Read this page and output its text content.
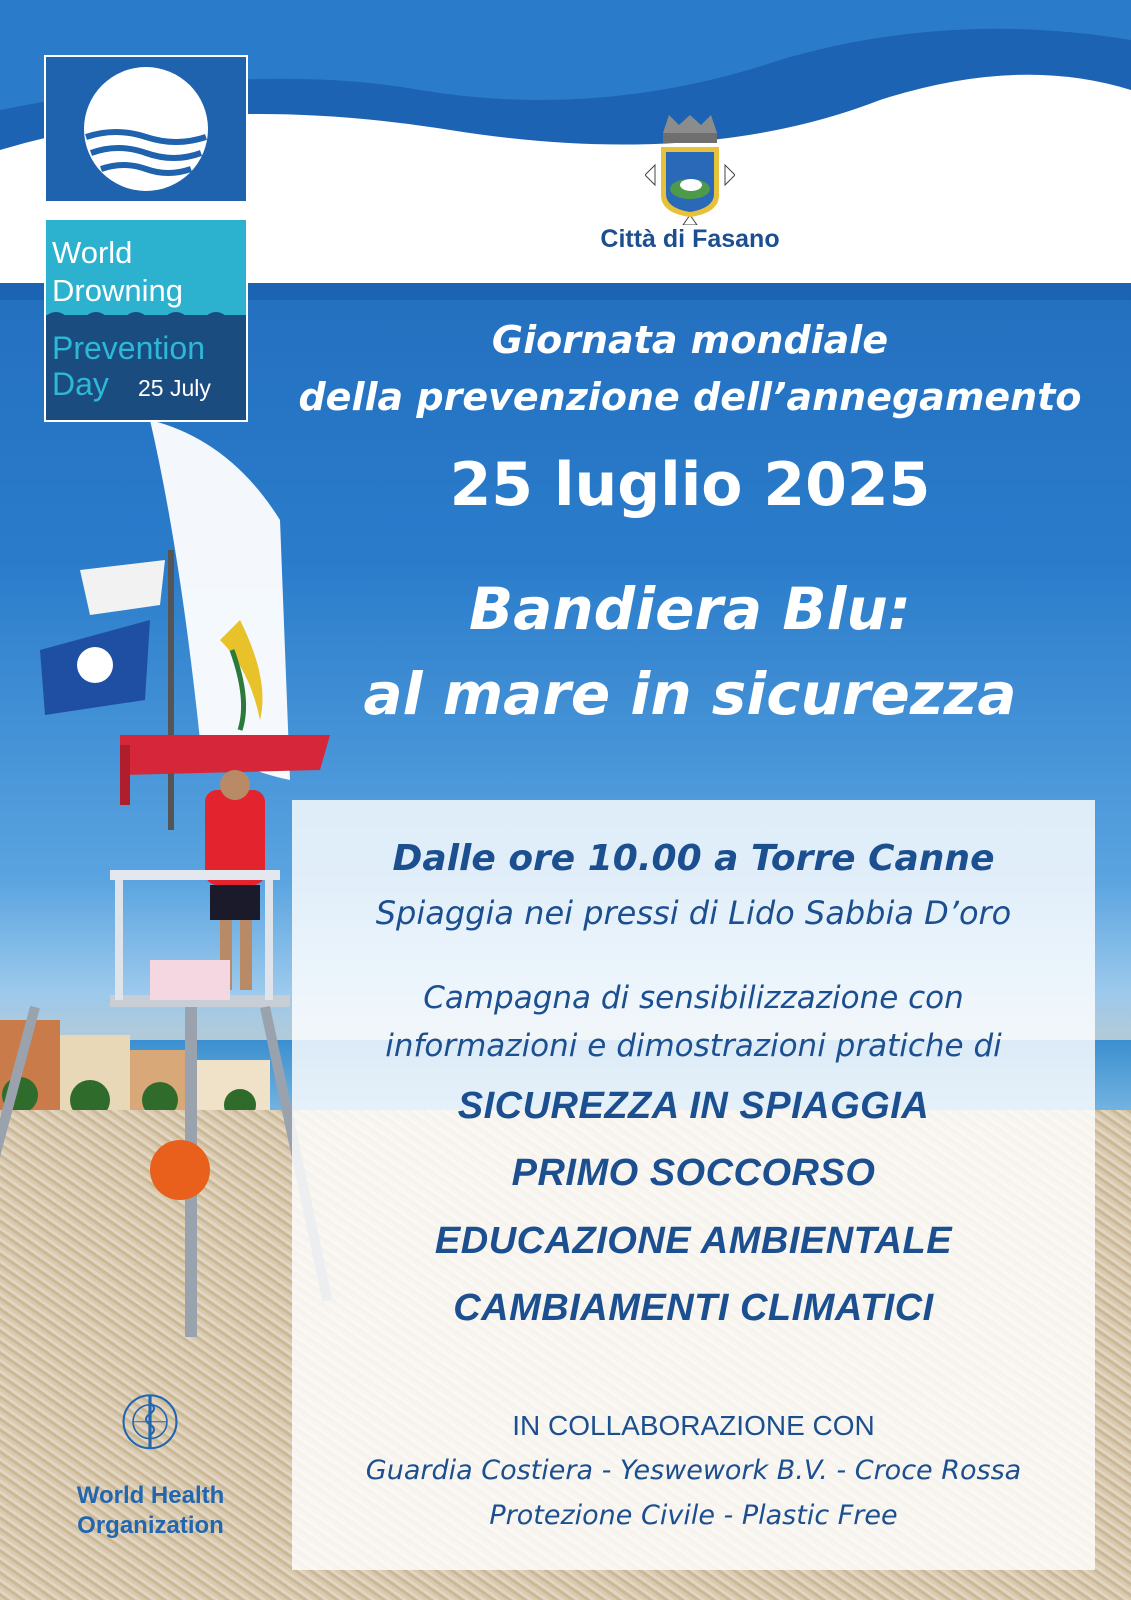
World
Drowning
Prevention
Day	25 July
Città di Fasano
Giornata mondiale
della prevenzione dell’annegamento
25 luglio 2025
Bandiera Blu:
al mare in sicurezza
Dalle ore 10.00 a Torre Canne
Spiaggia nei pressi di Lido Sabbia D’oro
Campagna di sensibilizzazione con
informazioni e dimostrazioni pratiche di
SICUREZZA IN SPIAGGIA
PRIMO SOCCORSO
EDUCAZIONE AMBIENTALE
CAMBIAMENTI CLIMATICI
IN COLLABORAZIONE CON
Guardia Costiera - Yeswework B.V. - Croce Rossa
Protezione Civile - Plastic Free
World Health
Organization
